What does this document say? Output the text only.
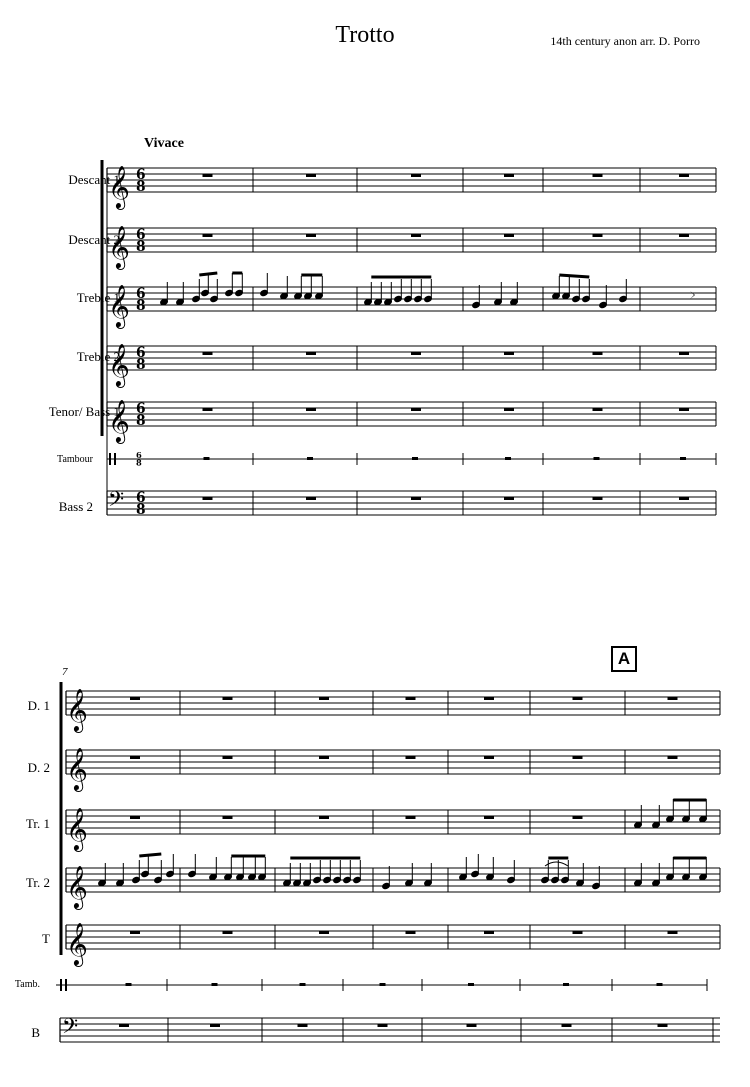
Trotto	14th century anon arr. D. Porro
Vivace
Descant 1
Descant 2
Treble 1
Treble 2
Tenor/ Bass 1
Tambour
Bass 2
7
A
D. 1
D. 2
Tr. 1
Tr. 2
T
Tamb.
B
𝄞 6
8
𝄞 6
8
𝄞 6
8
𝄞 6
8
𝄞 6
8
6
8
𝄢 6
8
𝄞
𝄞
𝄞
𝄞
𝄞
𝄢
